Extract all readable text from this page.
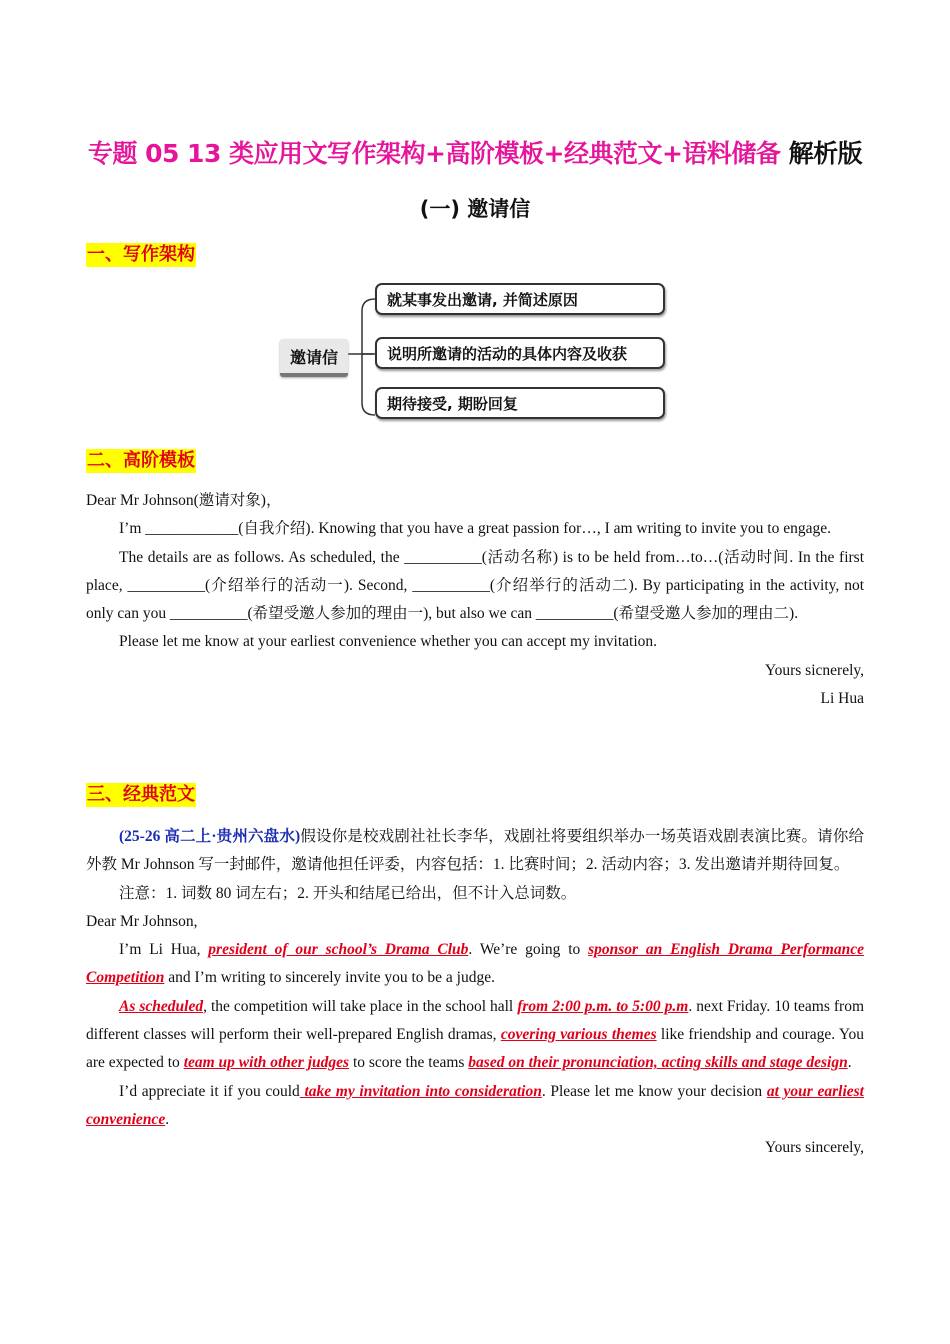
专题 05 13 类应用文写作架构+高阶模板+经典范文+语料储备 解析版
(一) 邀请信
一、写作架构
邀请信
就某事发出邀请, 并简述原因
说明所邀请的活动的具体内容及收获
期待接受, 期盼回复
二、高阶模板

Dear Mr Johnson(邀请对象)，

I’m ____________(自我介绍). Knowing that you have a great passion for…, I am writing to invite you to engage.

The details are as follows. As scheduled, the __________(活动名称) is to be held from…to…(活动时间. In the first place, __________(介绍举行的活动一). Second, __________(介绍举行的活动二). By participating in the activity, not only can you __________(希望受邀人参加的理由一), but also we can __________(希望受邀人参加的理由二).

Please let me know at your earliest convenience whether you can accept my invitation.

Yours sicnerely,

Li Hua

三、经典范文

(25-26 高二上·贵州六盘水)假设你是校戏剧社社长李华，戏剧社将要组织举办一场英语戏剧表演比赛。请你给外教 Mr Johnson 写一封邮件，邀请他担任评委，内容包括：1. 比赛时间；2. 活动内容；3. 发出邀请并期待回复。

注意：1. 词数 80 词左右；2. 开头和结尾已给出，但不计入总词数。

Dear Mr Johnson,

I’m Li Hua, president of our school’s Drama Club. We’re going to sponsor an English Drama Performance Competition and I’m writing to sincerely invite you to be a judge.

As scheduled, the competition will take place in the school hall from 2:00 p.m. to 5:00 p.m. next Friday. 10 teams from different classes will perform their well-prepared English dramas, covering various themes like friendship and courage. You are expected to team up with other judges to score the teams based on their pronunciation, acting skills and stage design.

I’d appreciate it if you could take my invitation into consideration. Please let me know your decision at your earliest convenience.

Yours sincerely,
